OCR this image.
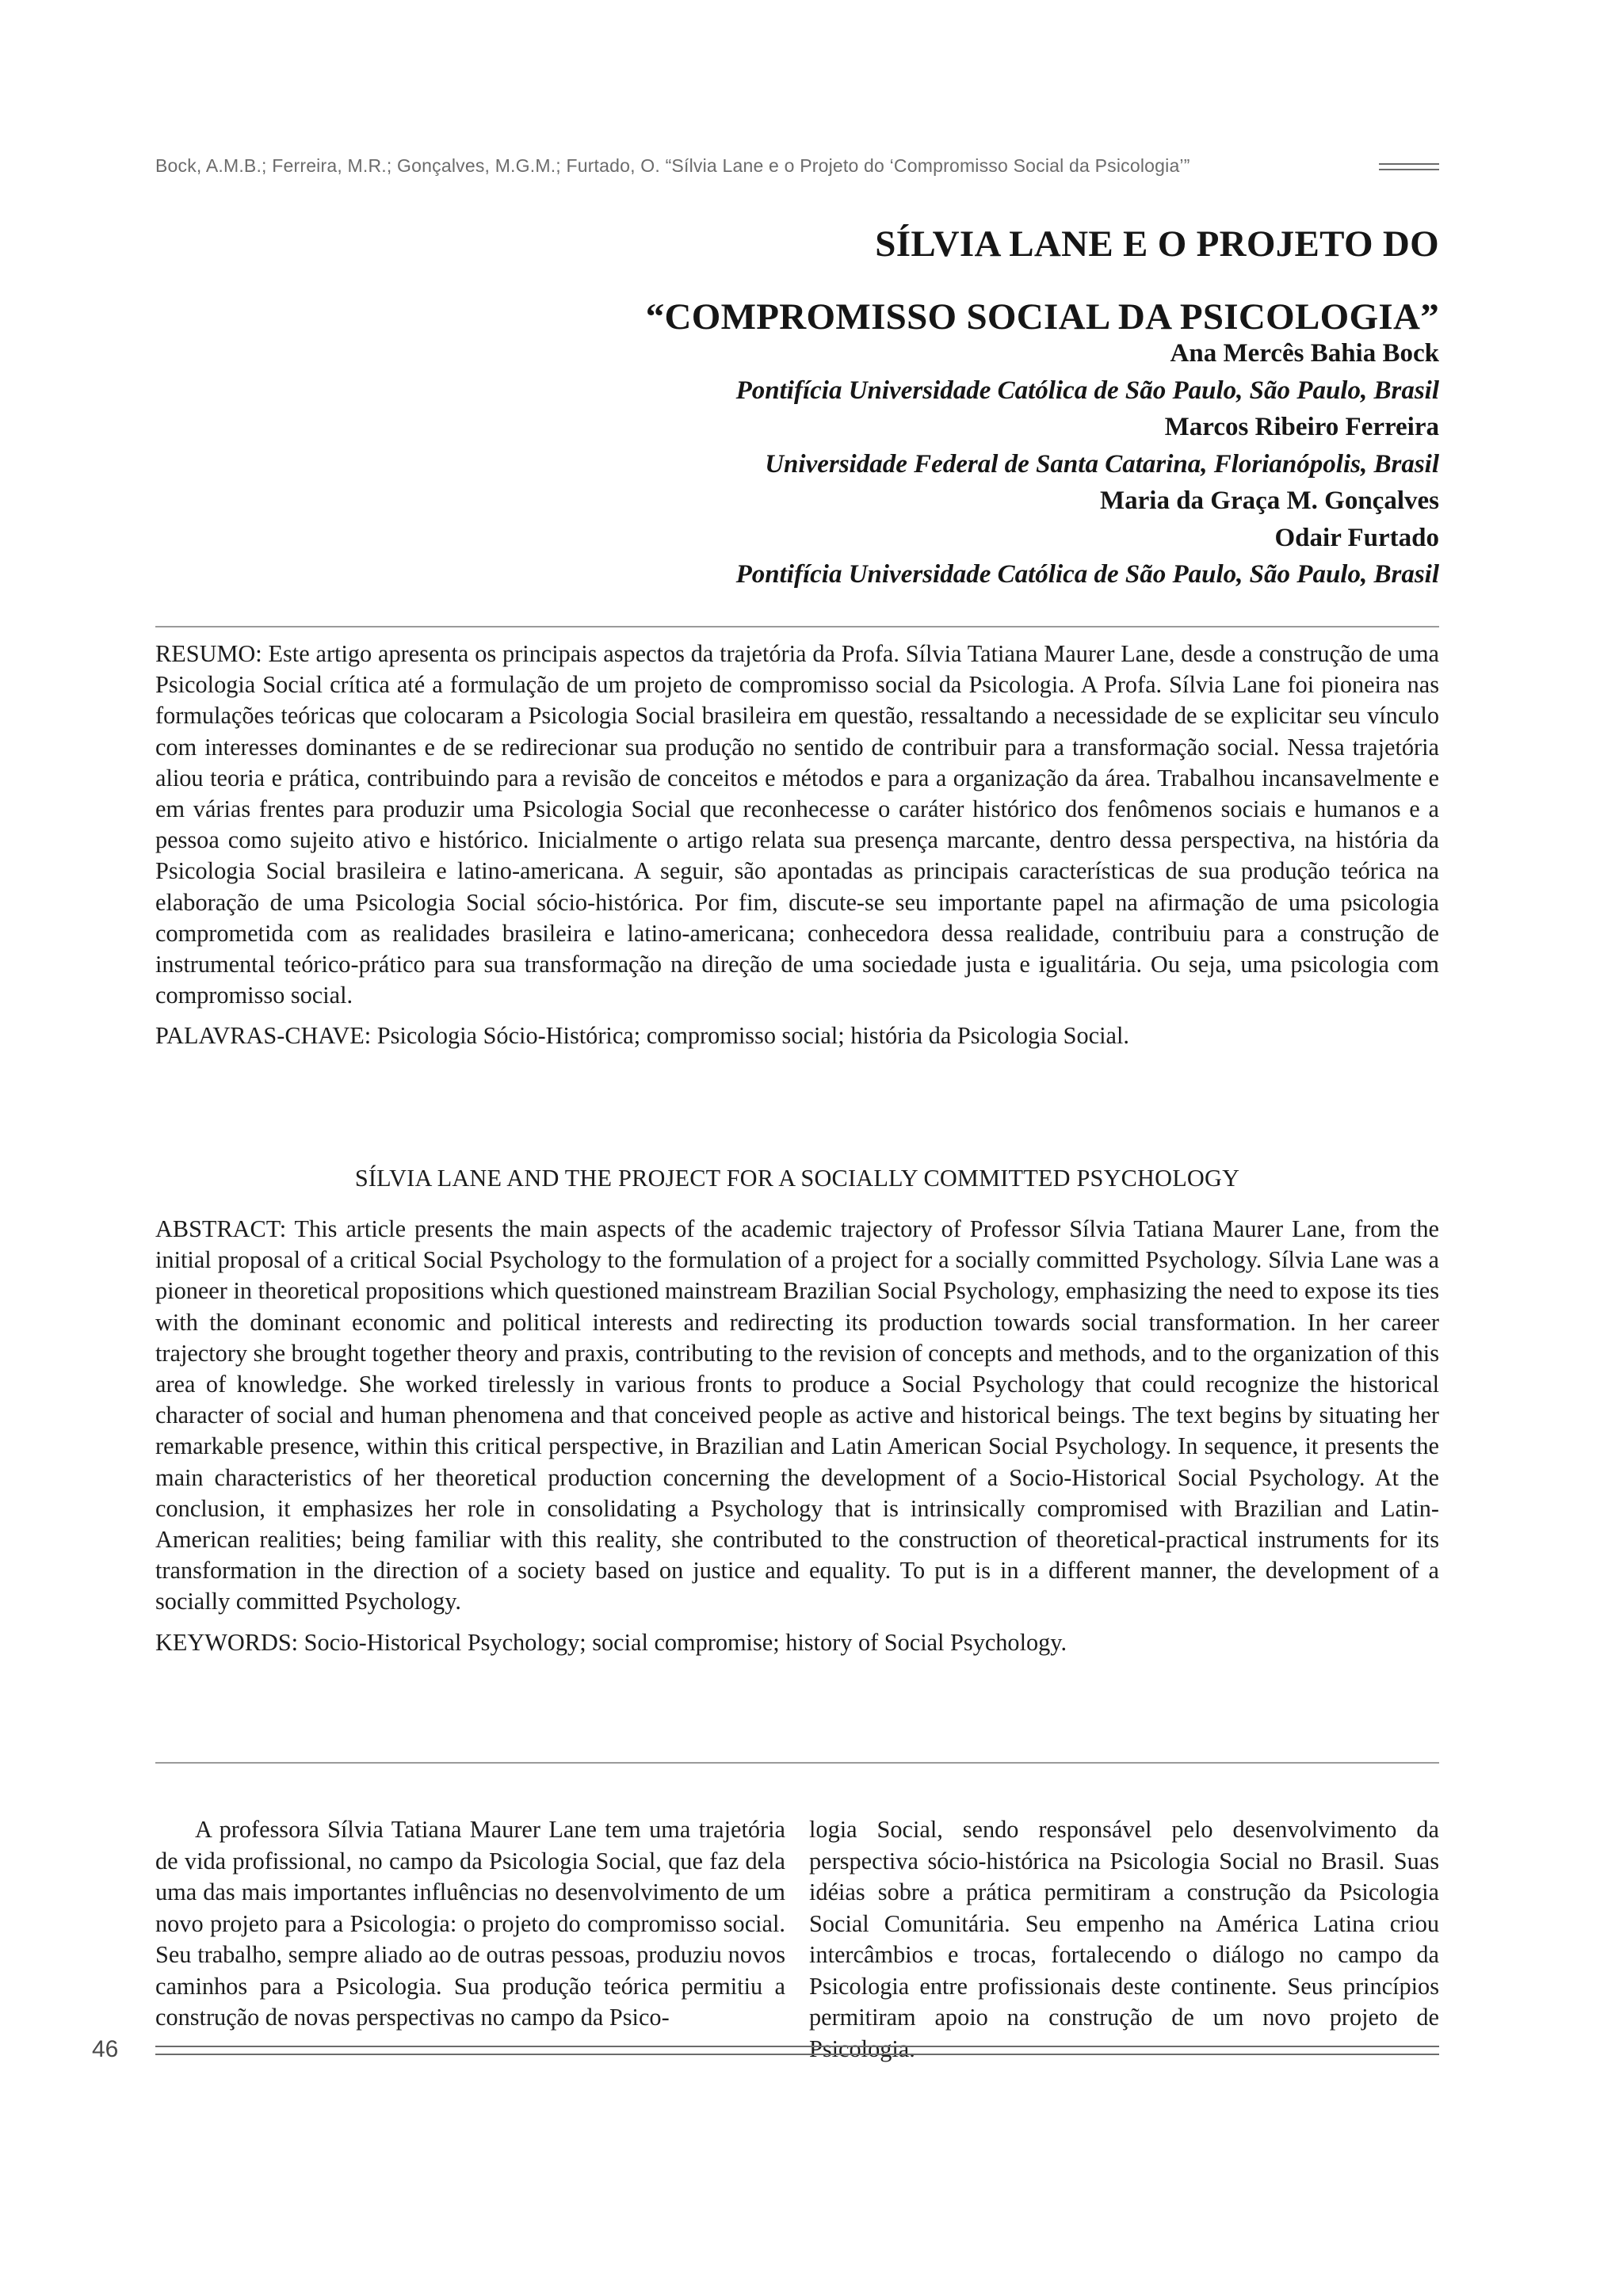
Bock, A.M.B.; Ferreira, M.R.; Gonçalves, M.G.M.; Furtado, O. “Sílvia Lane e o Projeto do ‘Compromisso Social da Psicologia’”
SÍLVIA LANE E O PROJETO DO
“COMPROMISSO SOCIAL DA PSICOLOGIA”
Ana Mercês Bahia Bock
Pontifícia Universidade Católica de São Paulo, São Paulo, Brasil
Marcos Ribeiro Ferreira
Universidade Federal de Santa Catarina, Florianópolis, Brasil
Maria da Graça M. Gonçalves
Odair Furtado
Pontifícia Universidade Católica de São Paulo, São Paulo, Brasil

RESUMO: Este artigo apresenta os principais aspectos da trajetória da Profa. Sílvia Tatiana Maurer Lane, desde a construção de uma Psicologia Social crítica até a formulação de um projeto de compromisso social da Psicologia. A Profa. Sílvia Lane foi pioneira nas formulações teóricas que colocaram a Psicologia Social brasileira em questão, ressaltando a necessidade de se explicitar seu vínculo com interesses dominantes e de se redirecionar sua produção no sentido de contribuir para a transformação social. Nessa trajetória aliou teoria e prática, contribuindo para a revisão de conceitos e métodos e para a organização da área. Trabalhou incansavelmente e em várias frentes para produzir uma Psicologia Social que reconhecesse o caráter histórico dos fenômenos sociais e humanos e a pessoa como sujeito ativo e histórico. Inicialmente o artigo relata sua presença marcante, dentro dessa perspectiva, na história da Psicologia Social brasileira e latino-americana. A seguir, são apontadas as principais características de sua produção teórica na elaboração de uma Psicologia Social sócio-histórica. Por fim, discute-se seu importante papel na afirmação de uma psicologia comprometida com as realidades brasileira e latino-americana; conhecedora dessa realidade, contribuiu para a construção de instrumental teórico-prático para sua transformação na direção de uma sociedade justa e igualitária. Ou seja, uma psicologia com compromisso social.

PALAVRAS-CHAVE: Psicologia Sócio-Histórica; compromisso social; história da Psicologia Social.

SÍLVIA LANE AND THE PROJECT FOR A SOCIALLY COMMITTED PSYCHOLOGY

ABSTRACT: This article presents the main aspects of the academic trajectory of Professor Sílvia Tatiana Maurer Lane, from the initial proposal of a critical Social Psychology to the formulation of a project for a socially committed Psychology. Sílvia Lane was a pioneer in theoretical propositions which questioned mainstream Brazilian Social Psychology, emphasizing the need to expose its ties with the dominant economic and political interests and redirecting its production towards social transformation. In her career trajectory she brought together theory and praxis, contributing to the revision of concepts and methods, and to the organization of this area of knowledge. She worked tirelessly in various fronts to produce a Social Psychology that could recognize the historical character of social and human phenomena and that conceived people as active and historical beings. The text begins by situating her remarkable presence, within this critical perspective, in Brazilian and Latin American Social Psychology. In sequence, it presents the main characteristics of her theoretical production concerning the development of a Socio-Historical Social Psychology. At the conclusion, it emphasizes her role in consolidating a Psychology that is intrinsically compromised with Brazilian and Latin-American realities; being familiar with this reality, she contributed to the construction of theoretical-practical instruments for its transformation in the direction of a society based on justice and equality. To put is in a different manner, the development of a socially committed Psychology.

KEYWORDS: Socio-Historical Psychology; social compromise; history of Social Psychology.

A professora Sílvia Tatiana Maurer Lane tem uma trajetória de vida profissional, no campo da Psicologia Social, que faz dela uma das mais importantes influências no desenvolvimento de um novo projeto para a Psicologia: o projeto do compromisso social. Seu trabalho, sempre aliado ao de outras pessoas, produziu novos caminhos para a Psicologia. Sua produção teórica permitiu a construção de novas perspectivas no campo da Psico-

logia Social, sendo responsável pelo desenvolvimento da perspectiva sócio-histórica na Psicologia Social no Brasil. Suas idéias sobre a prática permitiram a construção da Psicologia Social Comunitária. Seu empenho na América Latina criou intercâmbios e trocas, fortalecendo o diálogo no campo da Psicologia entre profissionais deste continente. Seus princípios permitiram apoio na construção de um novo projeto de Psicologia.

46
